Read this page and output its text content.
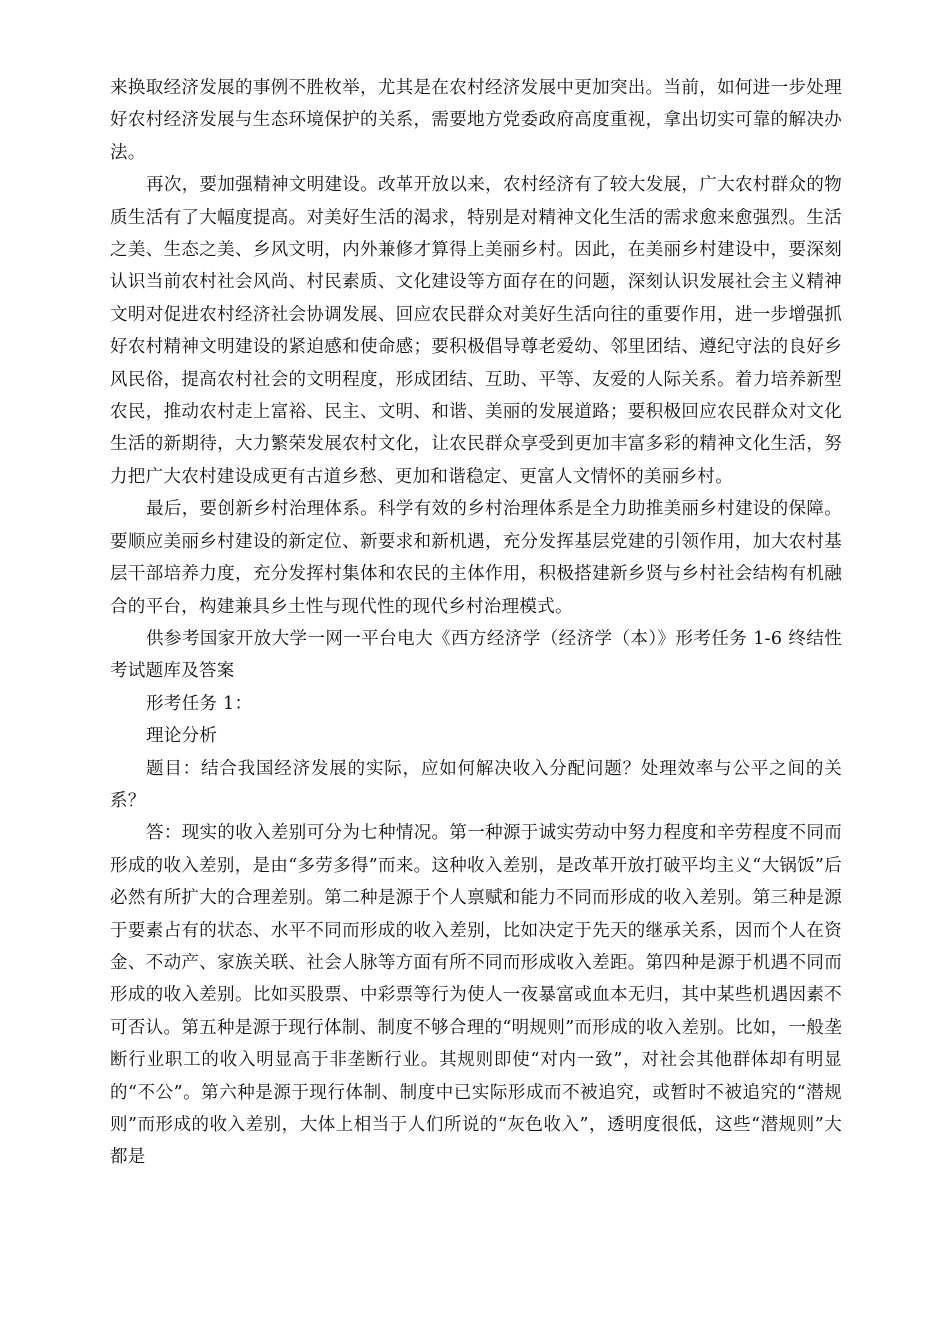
来换取经济发展的事例不胜枚举，尤其是在农村经济发展中更加突出。当前，如何进一步处理好农村经济发展与生态环境保护的关系，需要地方党委政府高度重视，拿出切实可靠的解决办法。

再次，要加强精神文明建设。改革开放以来，农村经济有了较大发展，广大农村群众的物质生活有了大幅度提高。对美好生活的渴求，特别是对精神文化生活的需求愈来愈强烈。生活之美、生态之美、乡风文明，内外兼修才算得上美丽乡村。因此，在美丽乡村建设中，要深刻认识当前农村社会风尚、村民素质、文化建设等方面存在的问题，深刻认识发展社会主义精神文明对促进农村经济社会协调发展、回应农民群众对美好生活向往的重要作用，进一步增强抓好农村精神文明建设的紧迫感和使命感；要积极倡导尊老爱幼、邻里团结、遵纪守法的良好乡风民俗，提高农村社会的文明程度，形成团结、互助、平等、友爱的人际关系。着力培养新型农民，推动农村走上富裕、民主、文明、和谐、美丽的发展道路；要积极回应农民群众对文化生活的新期待，大力繁荣发展农村文化，让农民群众享受到更加丰富多彩的精神文化生活，努力把广大农村建设成更有古道乡愁、更加和谐稳定、更富人文情怀的美丽乡村。

最后，要创新乡村治理体系。科学有效的乡村治理体系是全力助推美丽乡村建设的保障。要顺应美丽乡村建设的新定位、新要求和新机遇，充分发挥基层党建的引领作用，加大农村基层干部培养力度，充分发挥村集体和农民的主体作用，积极搭建新乡贤与乡村社会结构有机融合的平台，构建兼具乡土性与现代性的现代乡村治理模式。

供参考国家开放大学一网一平台电大《西方经济学（经济学（本）》形考任务 1-6 终结性考试题库及答案

形考任务 1：

理论分析

题目：结合我国经济发展的实际，应如何解决收入分配问题？处理效率与公平之间的关系？

答：现实的收入差别可分为七种情况。第一种源于诚实劳动中努力程度和辛劳程度不同而形成的收入差别，是由“多劳多得”而来。这种收入差别，是改革开放打破平均主义“大锅饭”后必然有所扩大的合理差别。第二种是源于个人禀赋和能力不同而形成的收入差别。第三种是源于要素占有的状态、水平不同而形成的收入差别，比如决定于先天的继承关系，因而个人在资金、不动产、家族关联、社会人脉等方面有所不同而形成收入差距。第四种是源于机遇不同而形成的收入差别。比如买股票、中彩票等行为使人一夜暴富或血本无归，其中某些机遇因素不可否认。第五种是源于现行体制、制度不够合理的“明规则”而形成的收入差别。比如，一般垄断行业职工的收入明显高于非垄断行业。其规则即使“对内一致”，对社会其他群体却有明显的“不公”。第六种是源于现行体制、制度中已实际形成而不被追究，或暂时不被追究的“潜规则”而形成的收入差别，大体上相当于人们所说的“灰色收入”，透明度很低，这些“潜规则”大都是
